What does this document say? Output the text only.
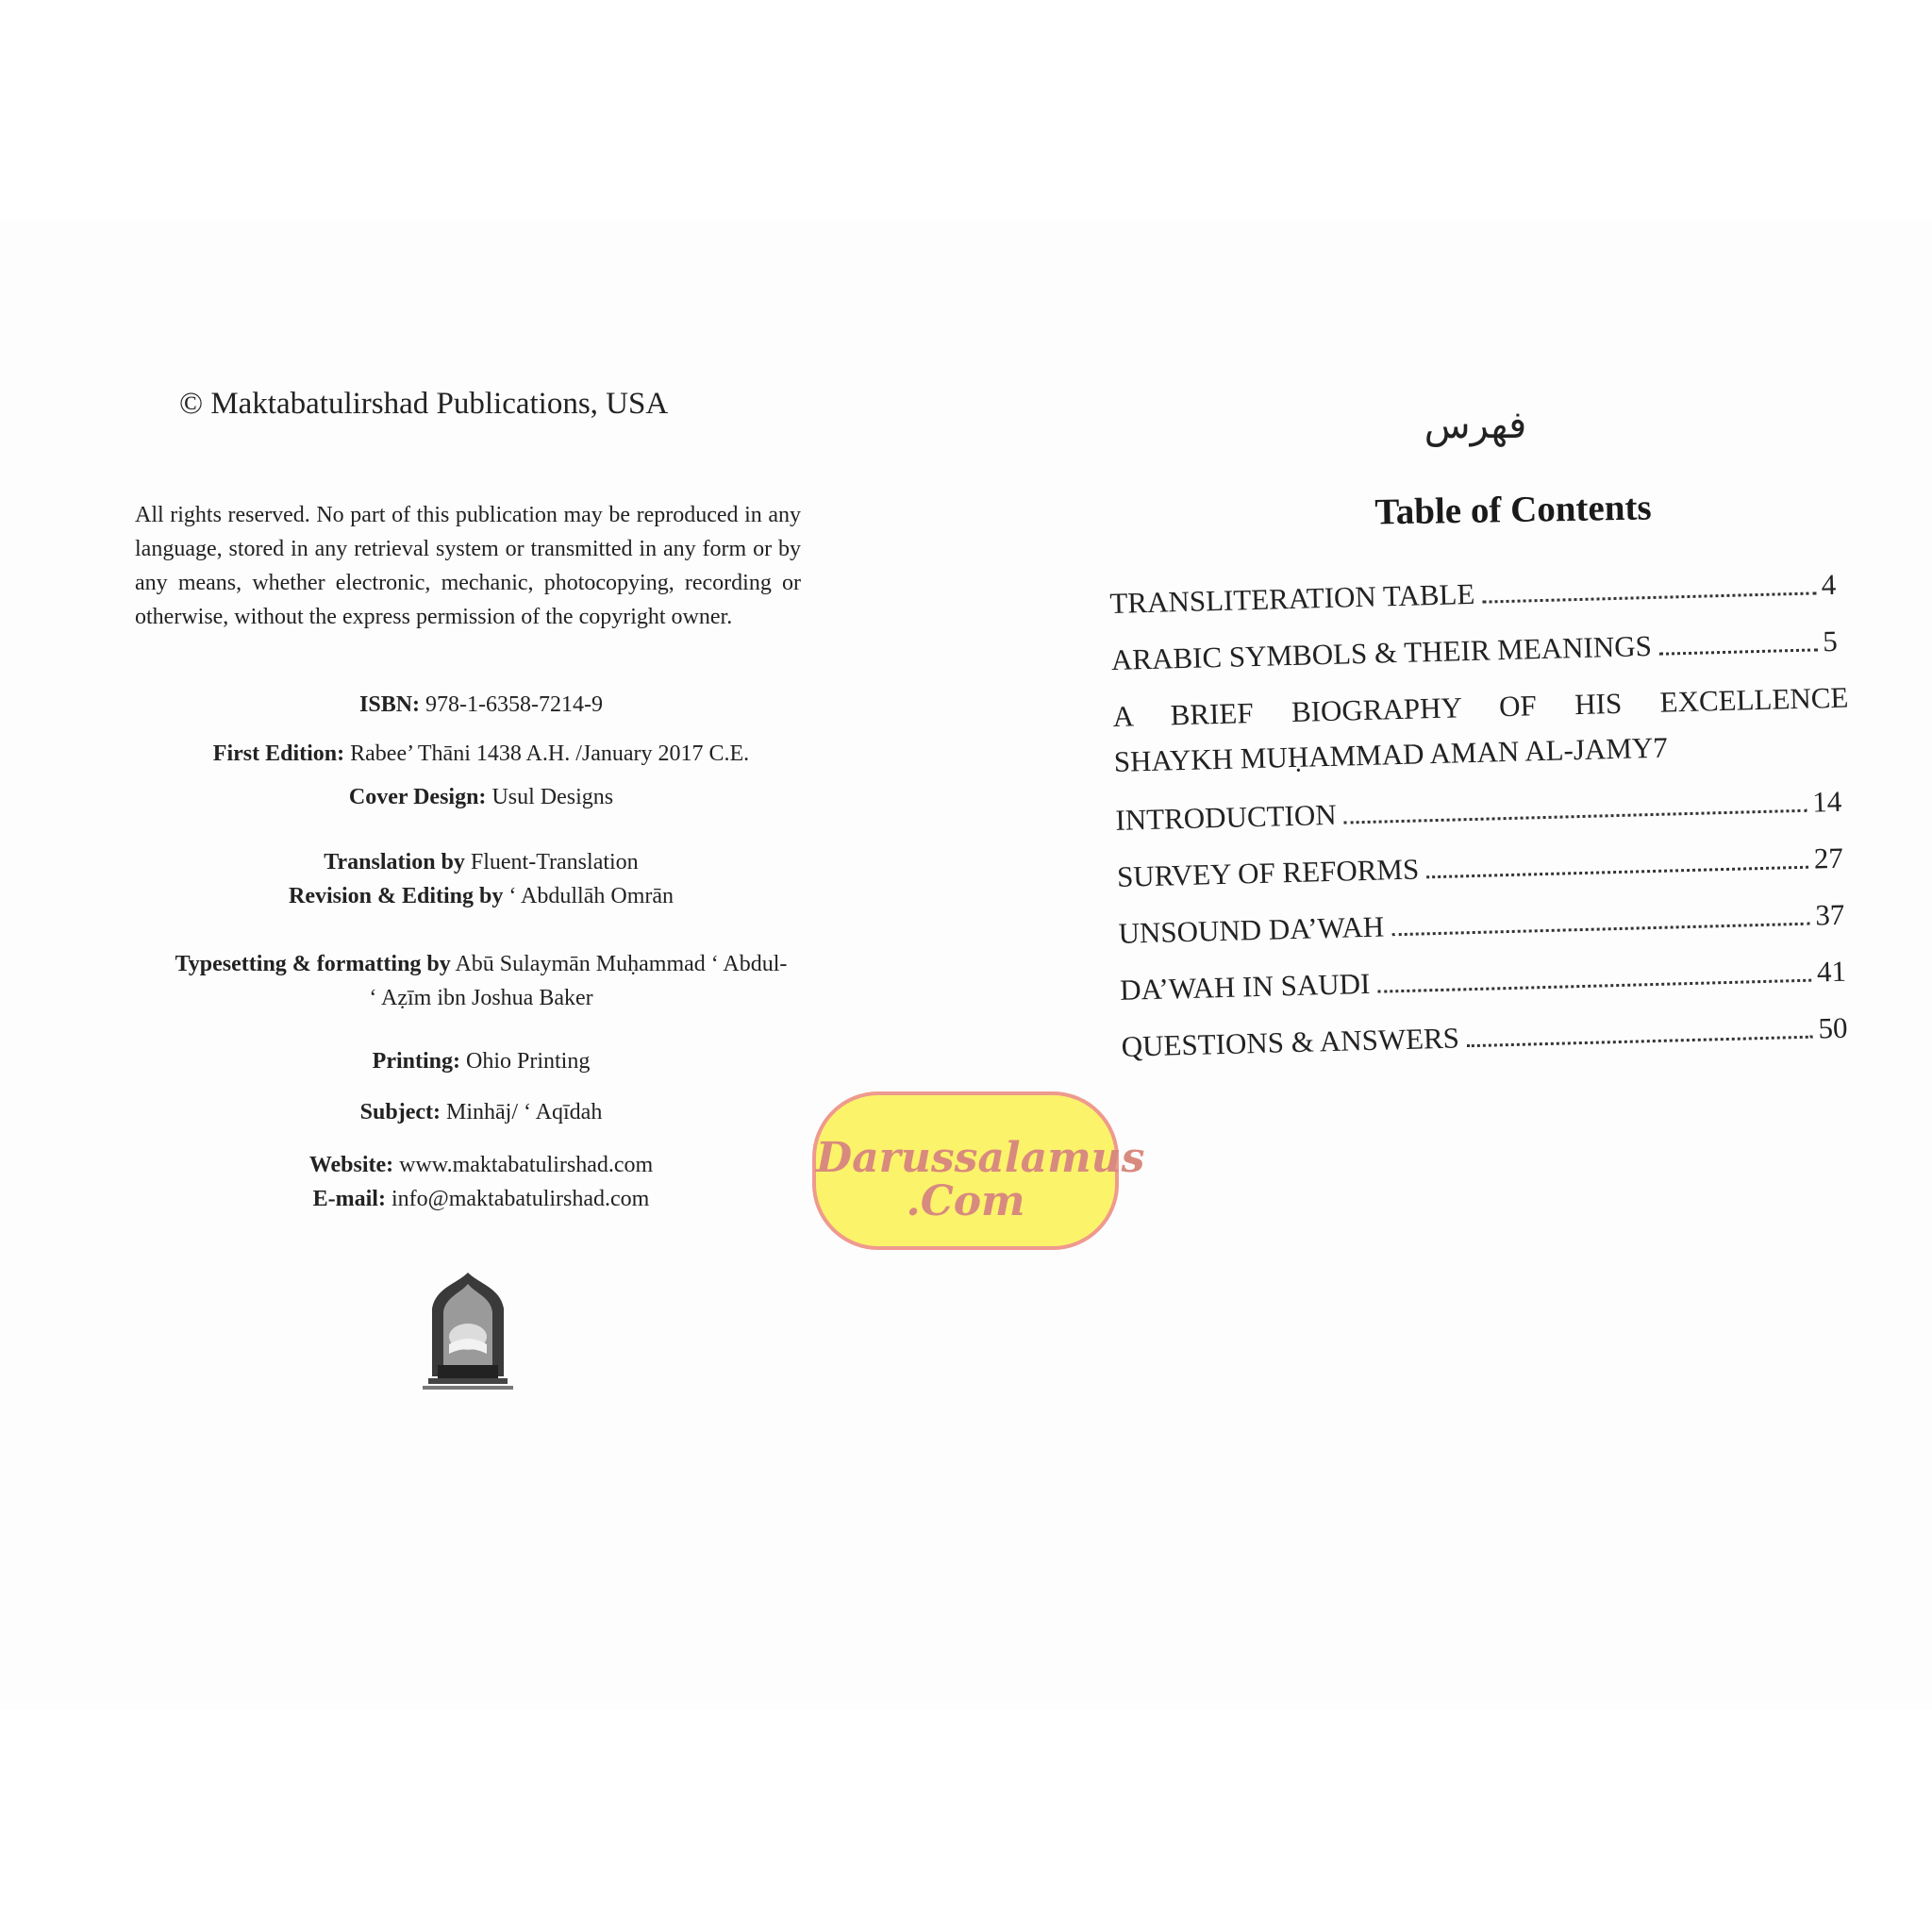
© Maktabatulirshad Publications, USA
All rights reserved. No part of this publication may be reproduced in any language, stored in any retrieval system or transmitted in any form or by any means, whether electronic, mechanic, photocopying, recording or otherwise, without the express permission of the copyright owner.
ISBN: 978-1-6358-7214-9
First Edition: Rabee’ Thāni 1438 A.H. /January 2017 C.E.
Cover Design: Usul Designs
Translation by Fluent-Translation
Revision & Editing by ‘ Abdullāh Omrān
Typesetting & formatting by Abū Sulaymān Muḥammad ‘ Abdul-
‘ Aẓīm ibn Joshua Baker
Printing: Ohio Printing
Subject: Minhāj/ ‘ Aqīdah
Website: www.maktabatulirshad.com
E-mail: info@maktabatulirshad.com
فهرس
Table of Contents
TRANSLITERATION TABLE	4
ARABIC SYMBOLS & THEIR MEANINGS	5
A BRIEF BIOGRAPHY OF HIS EXCELLENCE
SHAYKH MUḤAMMAD AMAN AL-JAMY 7
INTRODUCTION	14
SURVEY OF REFORMS	27
UNSOUND DA’WAH	37
DA’WAH IN SAUDI	41
QUESTIONS & ANSWERS	50
Darussalamus
.Com
